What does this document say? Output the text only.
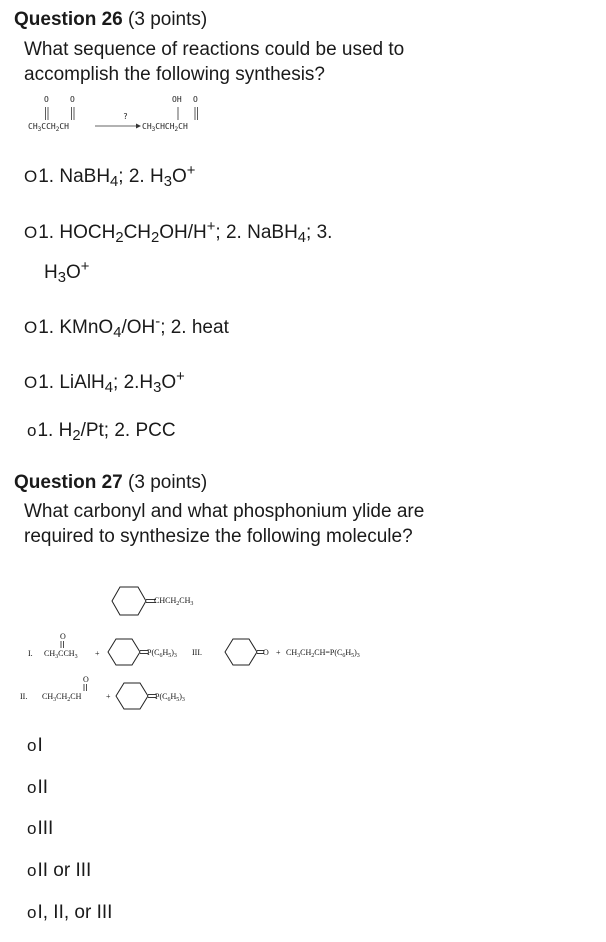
Question 26 (3 points)
What sequence of reactions could be used to accomplish the following synthesis?
O	O
CH3CCH2CH
?
OH O
CH3CHCH2CH
O 1. NaBH$_4$; 2. $H_3O^+$
O 1. $HOCH_2CH_2OH/H^+$; 2. NaBH$_4$; 3.
$H_3O^+$
O 1. KMnO$_4$/OH-; 2. heat
O 1. LiAlH$_4$; $2.H_3O^+$
o 1. $H_2/Pt$; 2. PCC
Question 27 (3 points)
What carbonyl and what phosphonium ylide are required to synthesize the following molecule?
CHCH2CH3
I.
O
CH3CCH3 +	P(C6H5)3 III.	O + CH3CH2CH=P(C6H5)3
II.
O
CH3CH2CH	+	P(C6H5)3
o I
o II
o III
o II or III
o I, II, or III
